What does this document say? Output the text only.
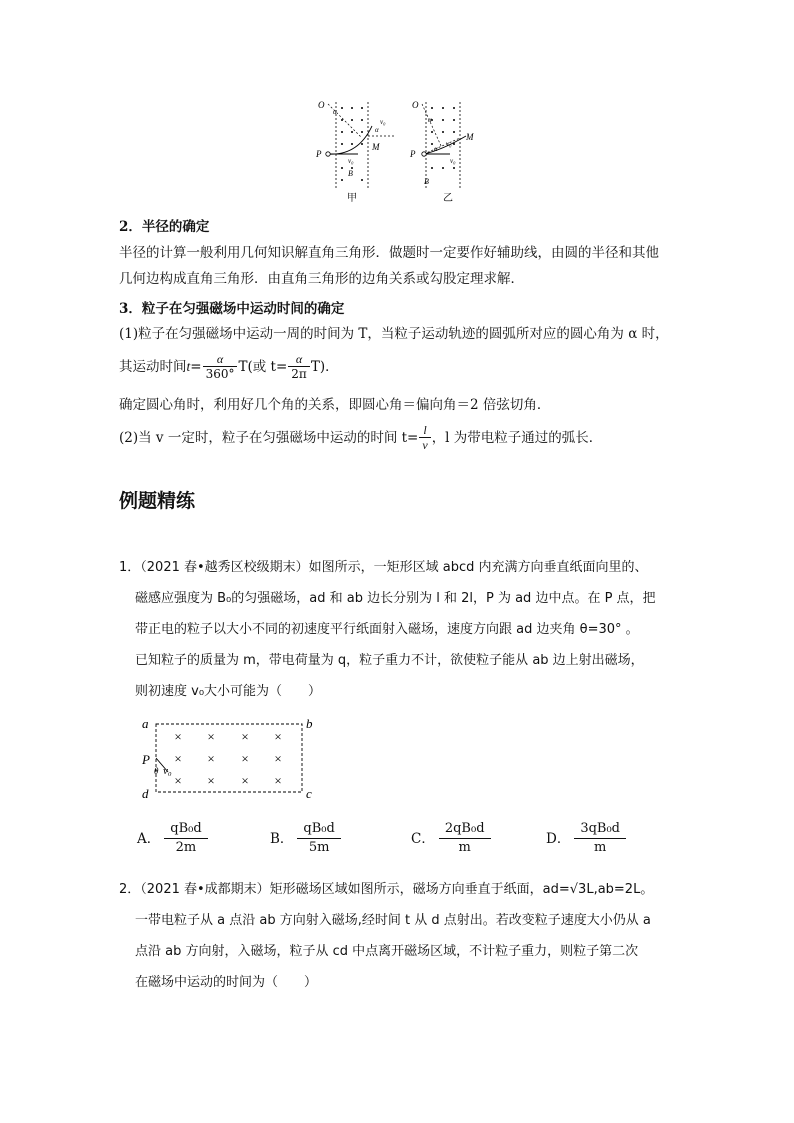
O
P
M
B
α
α
v₀
v₀
甲
O
P
M
B
α
α
v₀
v₀
乙
2．半径的确定
半径的计算一般利用几何知识解直角三角形．做题时一定要作好辅助线，由圆的半径和其他
几何边构成直角三角形．由直角三角形的边角关系或勾股定理求解．
3．粒子在匀强磁场中运动时间的确定
(1)粒子在匀强磁场中运动一周的时间为 T，当粒子运动轨迹的圆弧所对应的圆心角为 α 时，
其运动时间 $t = \frac{\alpha}{360^\circ} T$(或 $t= \frac{\alpha}{2\pi} T$)．
确定圆心角时，利用好几个角的关系，即圆心角＝偏向角＝2 倍弦切角．
(2)当 v 一定时，粒子在匀强磁场中运动的时间 $t= \frac{l}{v}$ ，l 为带电粒子通过的弧长．
例题精练
1．（2021 春•越秀区校级期末）如图所示，一矩形区域 abcd 内充满方向垂直纸面向里的、
磁感应强度为 B₀的匀强磁场，ad 和 ab 边长分别为 l 和 2l，P 为 ad 边中点。在 P 点，把
带正电的粒子以大小不同的初速度平行纸面射入磁场，速度方向跟 ad 边夹角 θ=30° 。
已知粒子的质量为 m，带电荷量为 q，粒子重力不计，欲使粒子能从 ab 边上射出磁场，
则初速度 v₀大小可能为（　　）
× × × ×
× × × ×
× × × ×
a	b
c
d
P
θ v₀
A． $\frac{\text{qB₀d}}{2m}$	B． $\frac{\text{qB₀d}}{5m}$	C． $\frac{\text{2qB₀d}}{m}$	D． $\frac{\text{3qB₀d}}{m}$
2．（2021 春•成都期末）矩形磁场区域如图所示，磁场方向垂直于纸面，ad=√3L,ab=2L。
一带电粒子从 a 点沿 ab 方向射入磁场,经时间 t 从 d 点射出。若改变粒子速度大小仍从 a
点沿 ab 方向射，入磁场，粒子从 cd 中点离开磁场区域，不计粒子重力，则粒子第二次
在磁场中运动的时间为（　　）
